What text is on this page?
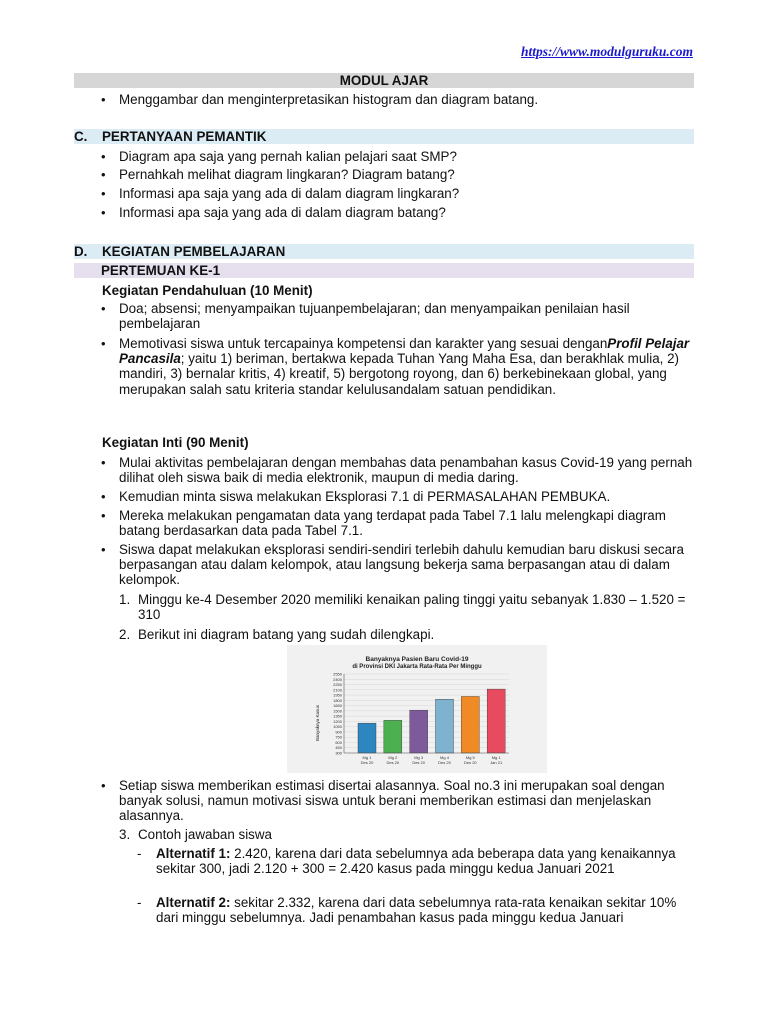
https://www.modulguruku.com
MODUL AJAR
• Menggambar dan menginterpretasikan histogram dan diagram batang.
C. PERTANYAAN PEMANTIK
• Diagram apa saja yang pernah kalian pelajari saat SMP?
• Pernahkah melihat diagram lingkaran? Diagram batang?
• Informasi apa saja yang ada di dalam diagram lingkaran?
• Informasi apa saja yang ada di dalam diagram batang?
D. KEGIATAN PEMBELAJARAN
PERTEMUAN KE-1
Kegiatan Pendahuluan (10 Menit)
• Doa; absensi; menyampaikan tujuanpembelajaran; dan menyampaikan penilaian hasil pembelajaran
• Memotivasi siswa untuk tercapainya kompetensi dan karakter yang sesuai denganProfil Pelajar Pancasila; yaitu 1) beriman, bertakwa kepada Tuhan Yang Maha Esa, dan berakhlak mulia, 2) mandiri, 3) bernalar kritis, 4) kreatif, 5) bergotong royong, dan 6) berkebinekaan global, yang merupakan salah satu kriteria standar kelulusandalam satuan pendidikan.
Kegiatan Inti (90 Menit)
• Mulai aktivitas pembelajaran dengan membahas data penambahan kasus Covid-19 yang pernah dilihat oleh siswa baik di media elektronik, maupun di media daring.
• Kemudian minta siswa melakukan Eksplorasi 7.1 di PERMASALAHAN PEMBUKA.
• Mereka melakukan pengamatan data yang terdapat pada Tabel 7.1 lalu melengkapi diagram batang berdasarkan data pada Tabel 7.1.
• Siswa dapat melakukan eksplorasi sendiri-sendiri terlebih dahulu kemudian baru diskusi secara berpasangan atau dalam kelompok, atau langsung bekerja sama berpasangan atau di dalam kelompok.
1. Minggu ke-4 Desember 2020 memiliki kenaikan paling tinggi yaitu sebanyak 1.830 – 1.520 = 310
2. Berikut ini diagram batang yang sudah dilengkapi.
Banyaknya Pasien Baru Covid-19
di Provinsi DKI Jakarta Rata-Rata Per Minggu
Banyaknya Kasus
300
450
600
750
900
1050
1200
1350
1500
1650
1800
1950
2100
2250
2400
2550
Mg 1
Des 20
Mg 2
Des 20
Mg 3
Des 20
Mg 4
Des 20
Mg 5
Des 20
Mg 1
Jan 21
• Setiap siswa memberikan estimasi disertai alasannya. Soal no.3 ini merupakan soal dengan banyak solusi, namun motivasi siswa untuk berani memberikan estimasi dan menjelaskan alasannya.
3. Contoh jawaban siswa
- Alternatif 1: 2.420, karena dari data sebelumnya ada beberapa data yang kenaikannya sekitar 300, jadi 2.120 + 300 = 2.420 kasus pada minggu kedua Januari 2021
- Alternatif 2: sekitar 2.332, karena dari data sebelumnya rata-rata kenaikan sekitar 10% dari minggu sebelumnya. Jadi penambahan kasus pada minggu kedua Januari
